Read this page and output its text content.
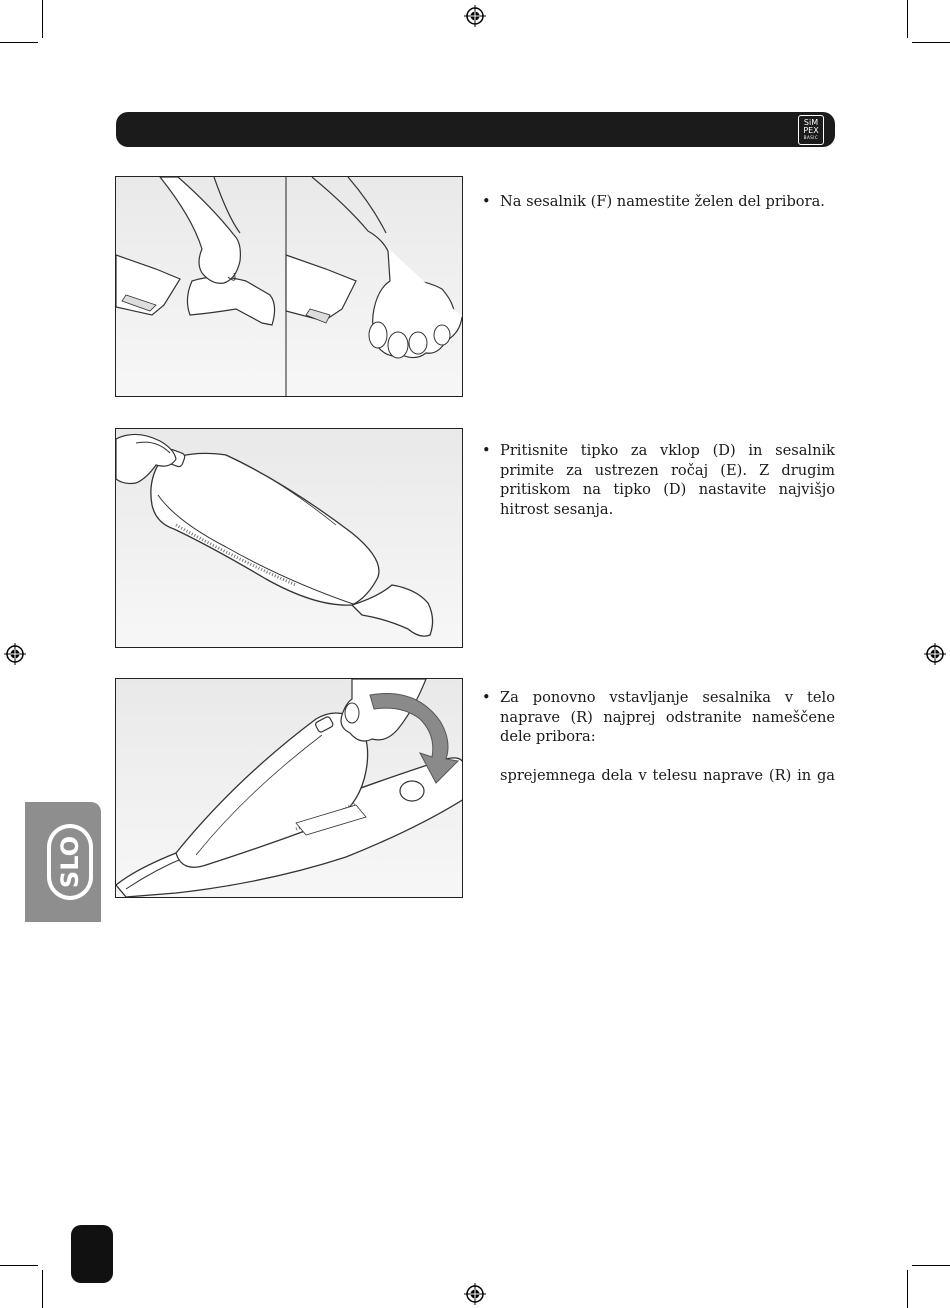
SiM
PEX
BASIC
• Na sesalnik (F) namestite želen del pribora.
• Pritisnite tipko za vklop (D) in sesalnik primite za ustrezen ročaj (E). Z drugim pritiskom na tipko (D) nastavite najvišjo hitrost sesanja.
• Za ponovno vstavljanje sesalnika v telo naprave (R) najprej odstranite nameščene dele pribora:
sprejemnega dela v telesu naprave (R) in ga
SLO
